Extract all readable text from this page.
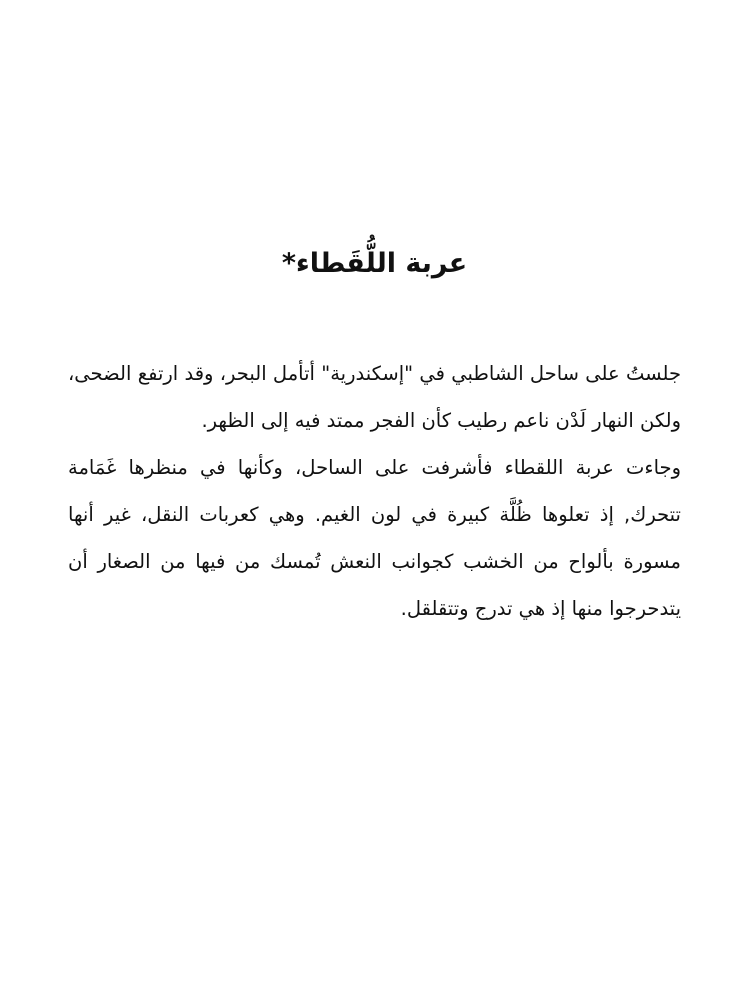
عربة اللُّقَطاء*

جلستُ على ساحل الشاطبي في "إسكندرية" أتأمل البحر، وقد ارتفع الضحى، ولكن النهار لَدْن ناعم رطيب كأن الفجر ممتد فيه إلى الظهر.

وجاءت عربة اللقطاء فأشرفت على الساحل، وكأنها في منظرها غَمَامة تتحرك, إذ تعلوها ظُلَّة كبيرة في لون الغيم. وهي كعربات النقل، غير أنها مسورة بألواح من الخشب كجوانب النعش تُمسك من فيها من الصغار أن يتدحرجوا منها إذ هي تدرج وتتقلقل.
